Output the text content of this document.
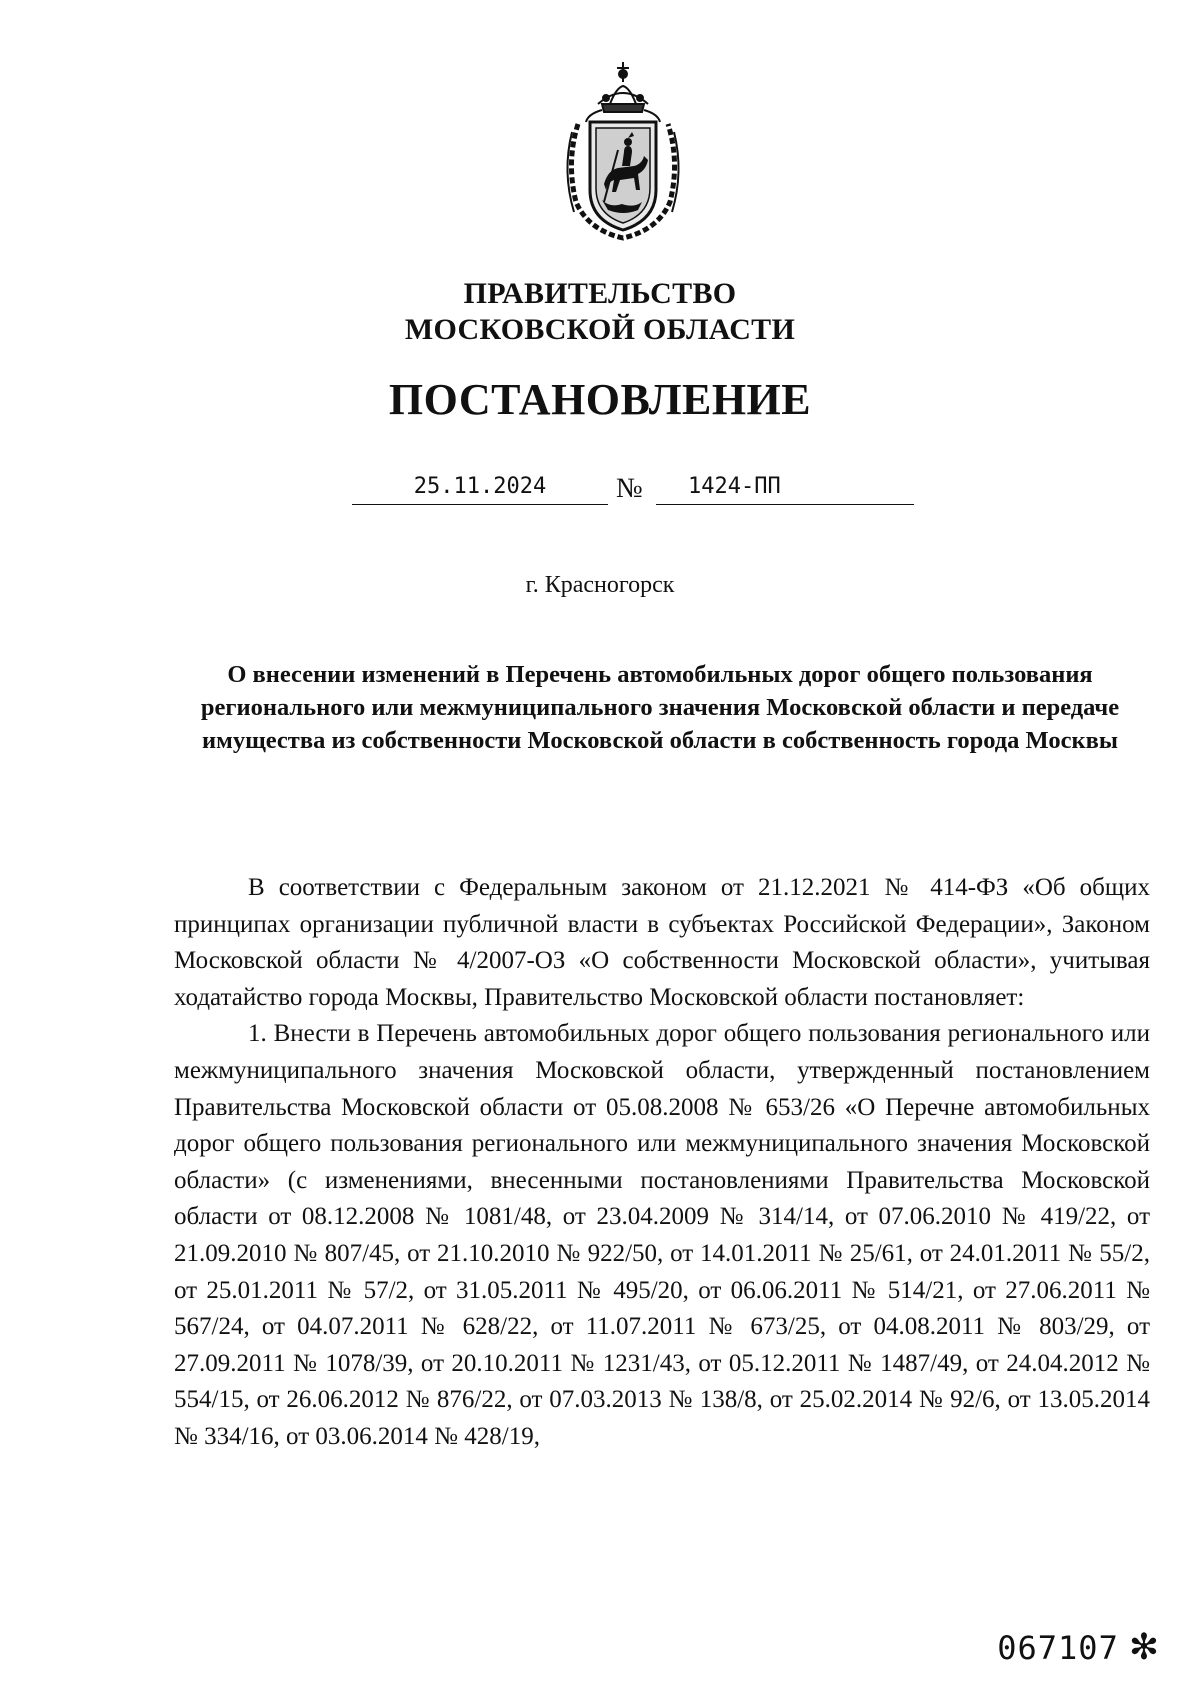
ПРАВИТЕЛЬСТВО
МОСКОВСКОЙ ОБЛАСТИ
ПОСТАНОВЛЕНИЕ
25.11.2024	№	1424-ПП
г. Красногорск
О внесении изменений в Перечень автомобильных дорог общего пользования регионального или межмуниципального значения Московской области и передаче имущества из собственности Московской области в собственность города Москвы

В соответствии с Федеральным законом от 21.12.2021 № 414-ФЗ «Об общих принципах организации публичной власти в субъектах Российской Федерации», Законом Московской области № 4/2007-ОЗ «О собственности Московской области», учитывая ходатайство города Москвы, Правительство Московской области постановляет:

1. Внести в Перечень автомобильных дорог общего пользования регионального или межмуниципального значения Московской области, утвержденный постановлением Правительства Московской области от 05.08.2008 № 653/26 «О Перечне автомобильных дорог общего пользования регионального или межмуниципального значения Московской области» (с изменениями, внесенными постановлениями Правительства Московской области от 08.12.2008 № 1081/48, от 23.04.2009 № 314/14, от 07.06.2010 № 419/22, от 21.09.2010 № 807/45, от 21.10.2010 № 922/50, от 14.01.2011 № 25/61, от 24.01.2011 № 55/2, от 25.01.2011 № 57/2, от 31.05.2011 № 495/20, от 06.06.2011 № 514/21, от 27.06.2011 № 567/24, от 04.07.2011 № 628/22, от 11.07.2011 № 673/25, от 04.08.2011 № 803/29, от 27.09.2011 № 1078/39, от 20.10.2011 № 1231/43, от 05.12.2011 № 1487/49, от 24.04.2012 № 554/15, от 26.06.2012 № 876/22, от 07.03.2013 № 138/8, от 25.02.2014 № 92/6, от 13.05.2014 № 334/16, от 03.06.2014 № 428/19,

067107 ✻
